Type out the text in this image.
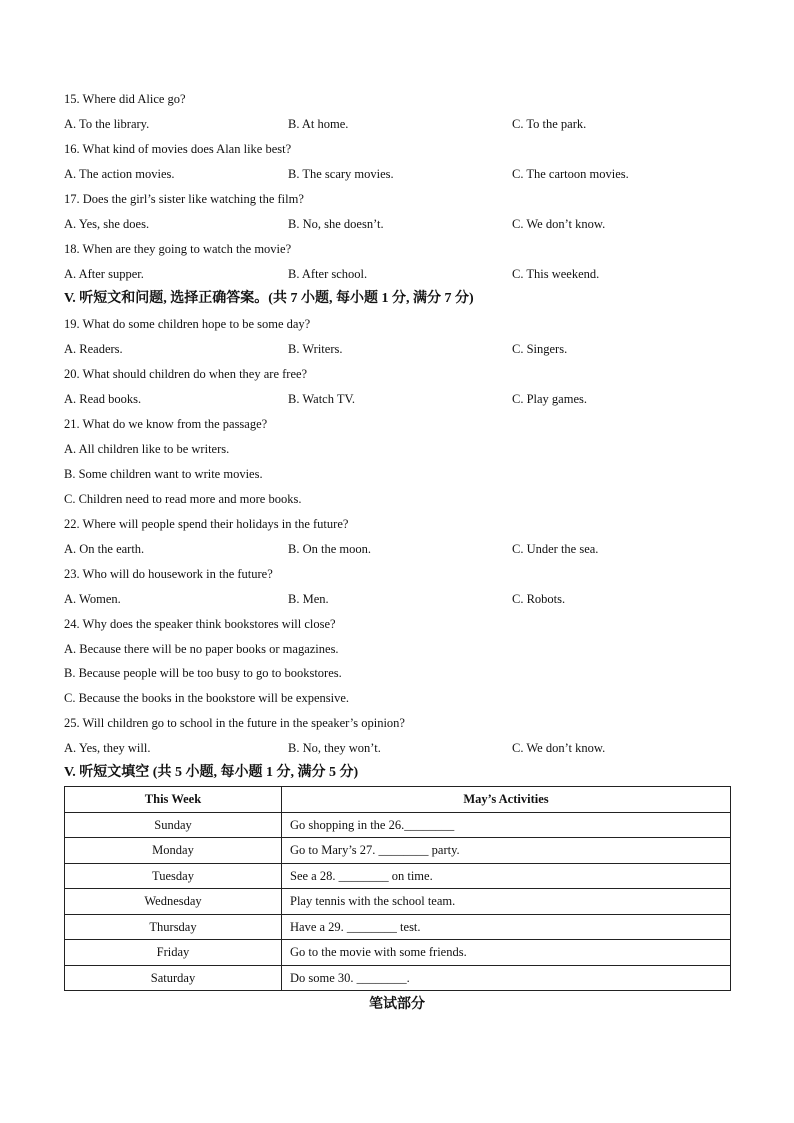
15. Where did Alice go?
A. To the library.	B. At home.	C. To the park.
16. What kind of movies does Alan like best?
A. The action movies.	B. The scary movies.	C. The cartoon movies.
17. Does the girl’s sister like watching the film?
A. Yes, she does.	B. No, she doesn’t.	C. We don’t know.
18. When are they going to watch the movie?
A. After supper.	B. After school.	C. This weekend.
V. 听短文和问题, 选择正确答案。(共 7 小题, 每小题 1 分, 满分 7 分)
19. What do some children hope to be some day?
A. Readers.	B. Writers.	C. Singers.
20. What should children do when they are free?
A. Read books.	B. Watch TV.	C. Play games.
21. What do we know from the passage?
A. All children like to be writers.
B. Some children want to write movies.
C. Children need to read more and more books.
22. Where will people spend their holidays in the future?
A. On the earth.	B. On the moon.	C. Under the sea.
23. Who will do housework in the future?
A. Women.	B. Men.	C. Robots.
24. Why does the speaker think bookstores will close?
A. Because there will be no paper books or magazines.
B. Because people will be too busy to go to bookstores.
C. Because the books in the bookstore will be expensive.
25. Will children go to school in the future in the speaker’s opinion?
A. Yes, they will.	B. No, they won’t.	C. We don’t know.
V. 听短文填空 (共 5 小题, 每小题 1 分, 满分 5 分)
This Week	May’s Activities
Sunday	Go shopping in the 26.________
Monday	Go to Mary’s 27. ________ party.
Tuesday	See a 28. ________ on time.
Wednesday	Play tennis with the school team.
Thursday	Have a 29. ________ test.
Friday	Go to the movie with some friends.
Saturday	Do some 30. ________.
笔试部分
